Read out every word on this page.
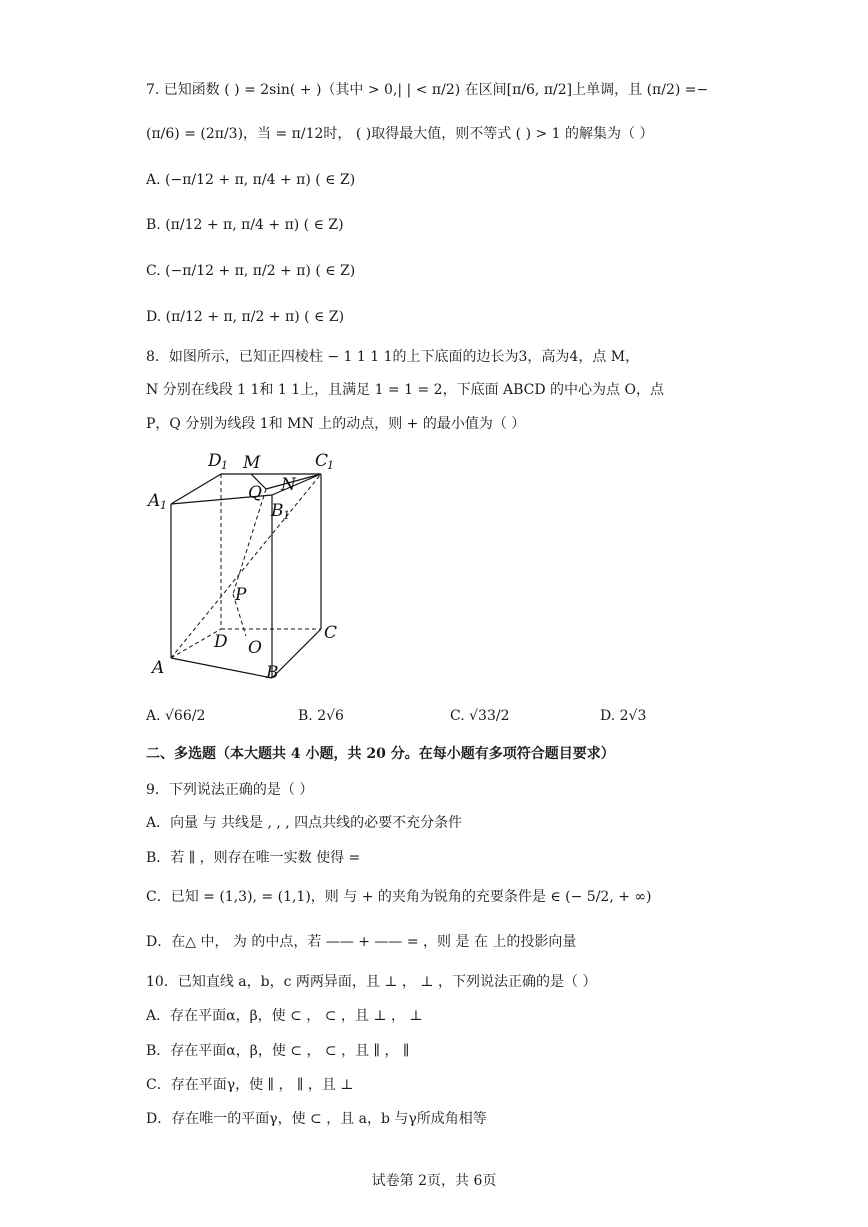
7. 已知函数 ( ) = 2sin( + )（其中 > 0,| | < π/2) 在区间[π/6, π/2]上单调，且 (π/2) =−
(π/6) = (2π/3)，当 = π/12时， ( )取得最大值，则不等式 ( ) > 1 的解集为（ ）
A. (−π/12 + π, π/4 + π) ( ∈ Z)
B. (π/12 + π, π/4 + π) ( ∈ Z)
C. (−π/12 + π, π/2 + π) ( ∈ Z)
D. (π/12 + π, π/2 + π) ( ∈ Z)
8．如图所示，已知正四棱柱 − 1 1 1 1的上下底面的边长为3，高为4，点 M，
N 分别在线段 1 1和 1 1上，且满足 1 = 1 = 2，下底面 ABCD 的中心为点 O，点
P，Q 分别为线段 1和 MN 上的动点，则 + 的最小值为（ ）
D 1 M	C
1
A 1
Q N
B 1
P
D O
C
A	B
A. √66/2	B. 2√6	C. √33/2	D. 2√3
二、多选题（本大题共 4 小题，共 20 分。在每小题有多项符合题目要求）
9．下列说法正确的是（ ）
A．向量 与 共线是 , , , 四点共线的必要不充分条件
B．若 ∥ ，则存在唯一实数 使得 =
C．已知 = (1,3), = (1,1)，则 与 + 的夹角为锐角的充要条件是 ∈ (− 5/2, + ∞)
D．在△ 中， 为 的中点，若 —— + —— = ，则 是 在 上的投影向量
10．已知直线 a，b，c 两两异面，且 ⊥ ， ⊥ ，下列说法正确的是（ ）
A．存在平面α，β，使 ⊂ ， ⊂ ，且 ⊥ ， ⊥
B．存在平面α，β，使 ⊂ ， ⊂ ，且 ∥ ， ∥
C．存在平面γ，使 ∥ ， ∥ ，且 ⊥
D．存在唯一的平面γ，使 ⊂ ，且 a，b 与γ所成角相等
试卷第 2页，共 6页
